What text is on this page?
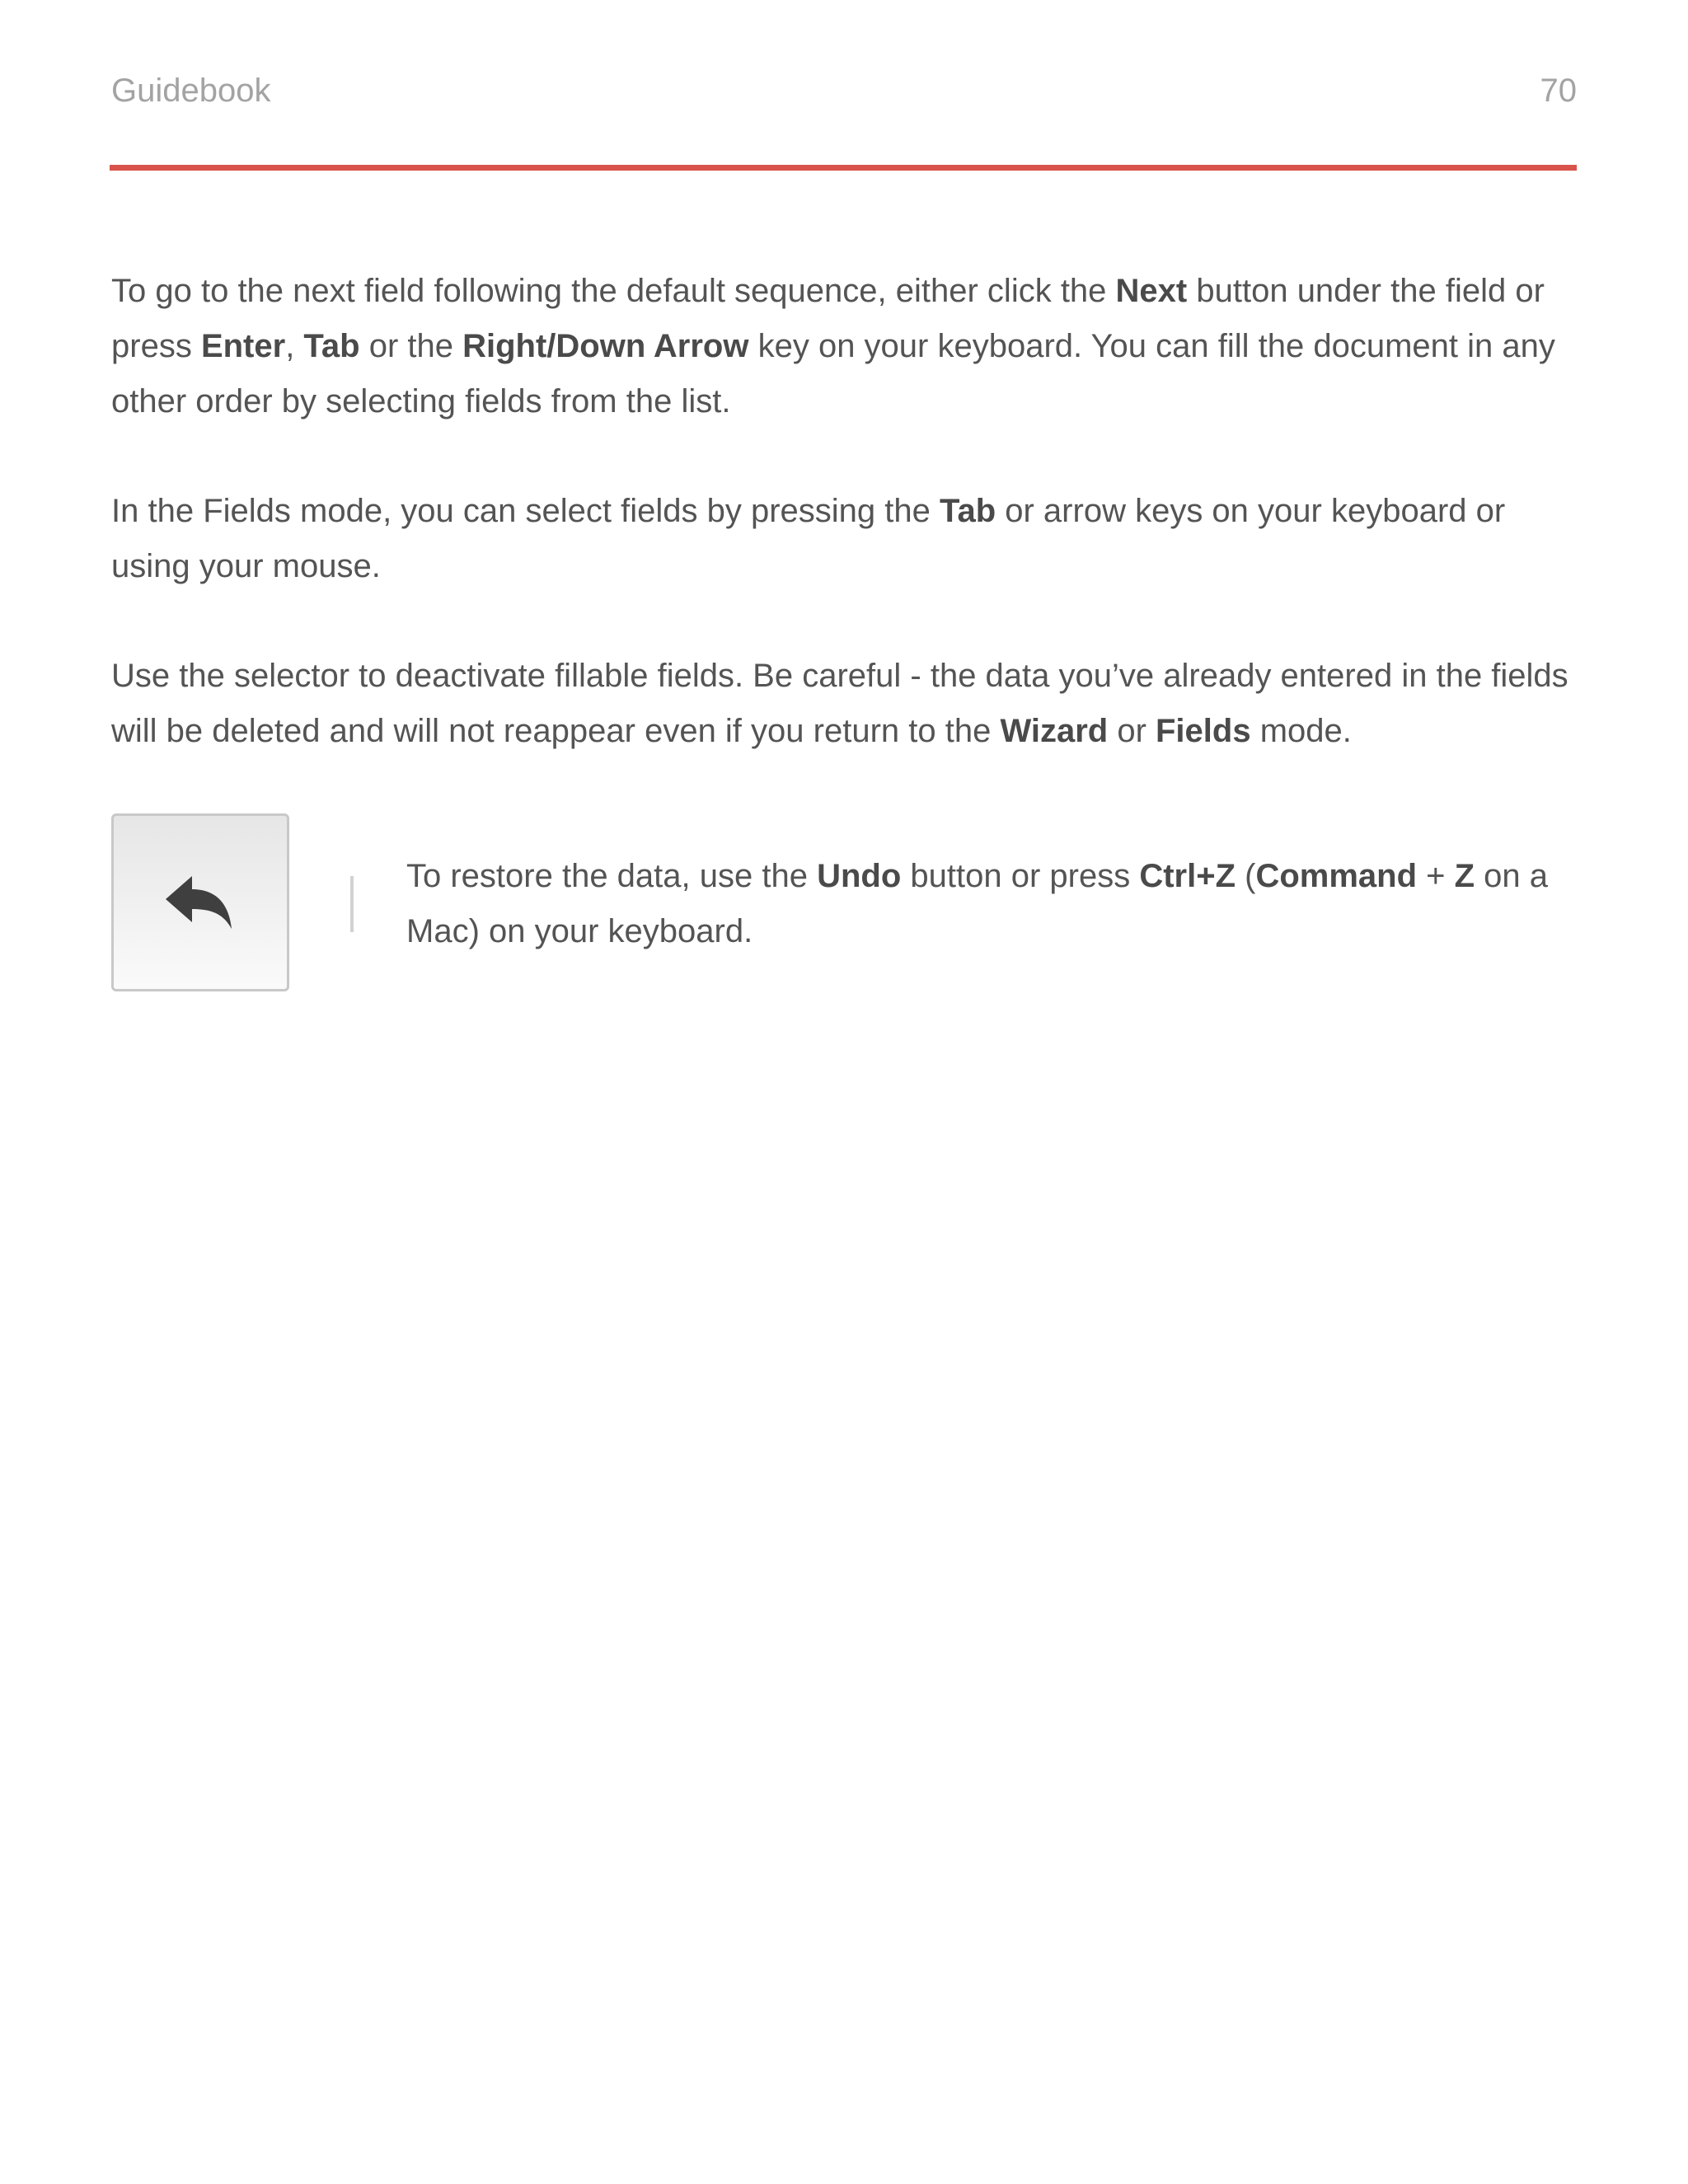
Guidebook	70

To go to the next field following the default sequence, either click the Next button under the field or press Enter, Tab or the Right/Down Arrow key on your keyboard. You can fill the document in any other order by selecting fields from the list.

In the Fields mode, you can select fields by pressing the Tab or arrow keys on your keyboard or using your mouse.

Use the selector to deactivate fillable fields. Be careful - the data you’ve already entered in the fields will be deleted and will not reappear even if you return to the Wizard or Fields mode.

To restore the data, use the Undo button or press Ctrl+Z (Command + Z on a Mac) on your keyboard.
